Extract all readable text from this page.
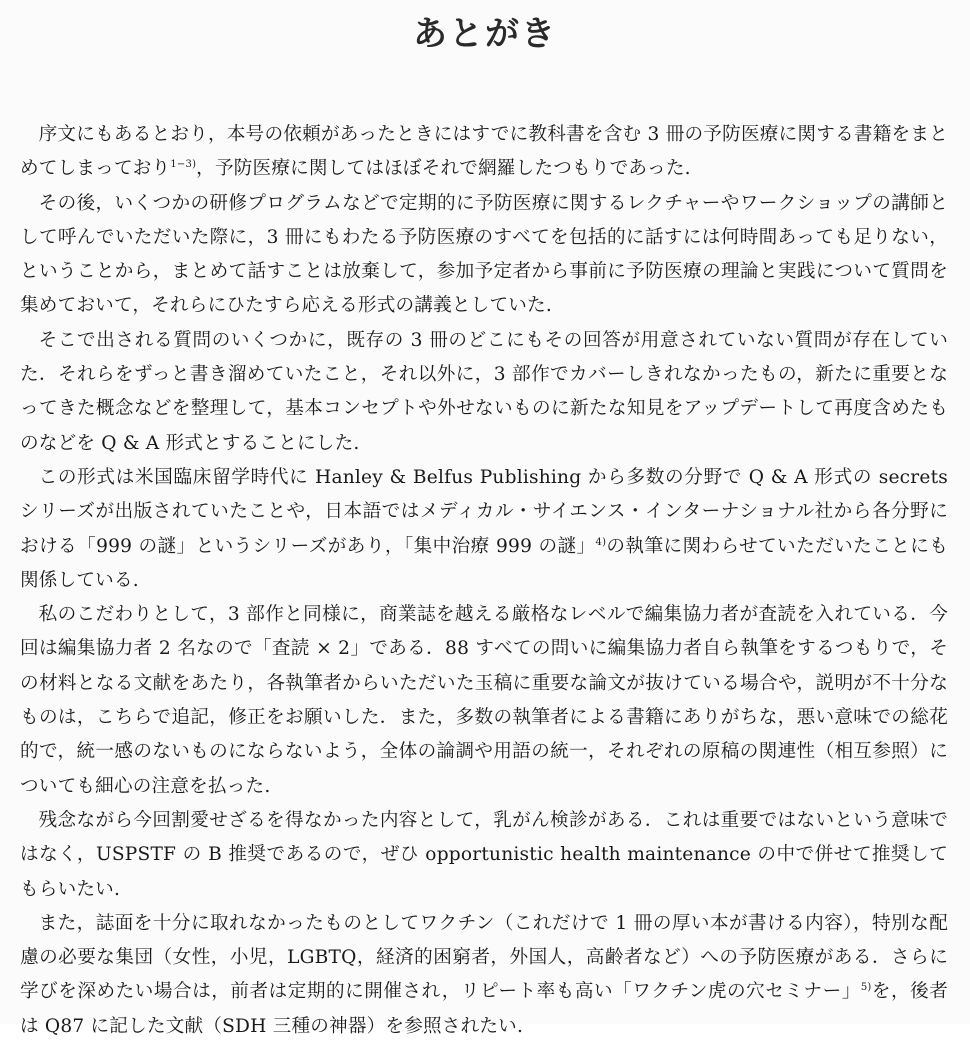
あとがき

序文にもあるとおり，本号の依頼があったときにはすでに教科書を含む 3 冊の予防医療に関する書籍をまとめてしまっており$^{1-3)}$，予防医療に関してはほぼそれで網羅したつもりであった.

その後，いくつかの研修プログラムなどで定期的に予防医療に関するレクチャーやワークショップの講師として呼んでいただいた際に，3 冊にもわたる予防医療のすべてを包括的に話すには何時間あっても足りない，ということから，まとめて話すことは放棄して，参加予定者から事前に予防医療の理論と実践について質問を集めておいて，それらにひたすら応える形式の講義としていた.

そこで出される質問のいくつかに，既存の 3 冊のどこにもその回答が用意されていない質問が存在していた．それらをずっと書き溜めていたこと，それ以外に，3 部作でカバーしきれなかったもの，新たに重要となってきた概念などを整理して，基本コンセプトや外せないものに新たな知見をアップデートして再度含めたものなどを Q & A 形式とすることにした.

この形式は米国臨床留学時代に Hanley & Belfus Publishing から多数の分野で Q & A 形式の secrets シリーズが出版されていたことや，日本語ではメディカル・サイエンス・インターナショナル社から各分野における「999 の謎」というシリーズがあり，「集中治療 999 の謎」$^{4)}$の執筆に関わらせていただいたことにも関係している.

私のこだわりとして，3 部作と同様に，商業誌を越える厳格なレベルで編集協力者が査読を入れている．今回は編集協力者 2 名なので「査読 × 2」である．88 すべての問いに編集協力者自ら執筆をするつもりで，その材料となる文献をあたり，各執筆者からいただいた玉稿に重要な論文が抜けている場合や，説明が不十分なものは，こちらで追記，修正をお願いした．また，多数の執筆者による書籍にありがちな，悪い意味での総花的で，統一感のないものにならないよう，全体の論調や用語の統一，それぞれの原稿の関連性（相互参照）についても細心の注意を払った.

残念ながら今回割愛せざるを得なかった内容として，乳がん検診がある．これは重要ではないという意味ではなく，USPSTF の B 推奨であるので，ぜひ opportunistic health maintenance の中で併せて推奨してもらいたい.

また，誌面を十分に取れなかったものとしてワクチン（これだけで 1 冊の厚い本が書ける内容），特別な配慮の必要な集団（女性，小児，LGBTQ，経済的困窮者，外国人，高齢者など）への予防医療がある．さらに学びを深めたい場合は，前者は定期的に開催され，リピート率も高い「ワクチン虎の穴セミナー」$^{5)}$を，後者は Q87 に記した文献（SDH 三種の神器）を参照されたい.
